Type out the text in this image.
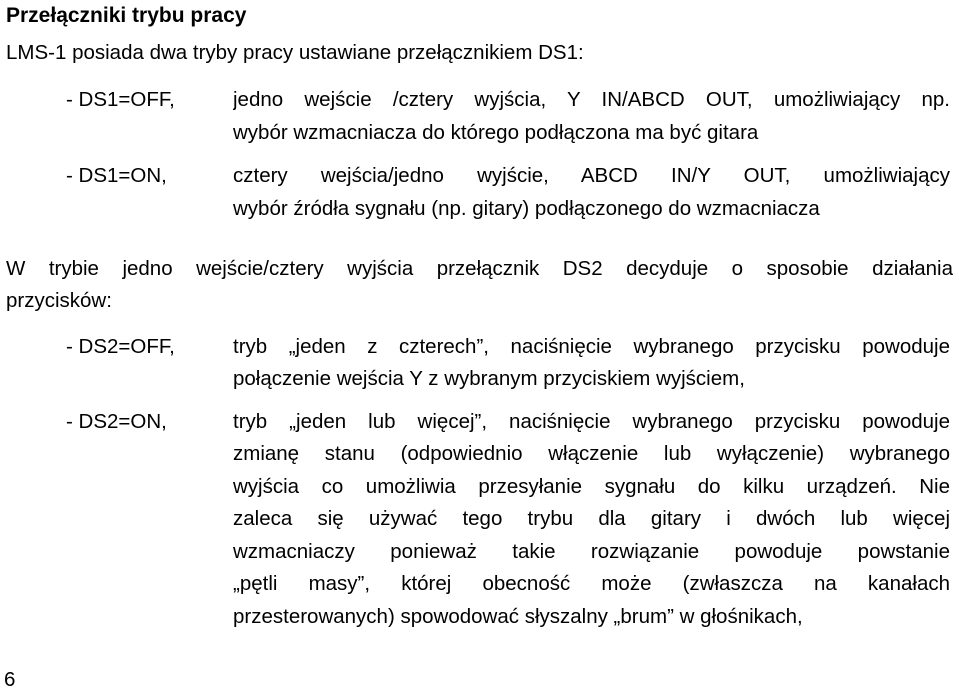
Przełączniki trybu pracy
LMS-1 posiada dwa tryby pracy ustawiane przełącznikiem DS1:
- DS1=OFF,	jedno wejście /cztery wyjścia, Y IN/ABCD OUT, umożliwiający np.
wybór wzmacniacza do którego podłączona ma być gitara
- DS1=ON,	cztery wejścia/jedno wyjście, ABCD IN/Y OUT, umożliwiający
wybór źródła sygnału (np. gitary) podłączonego do wzmacniacza
W trybie jedno wejście/cztery wyjścia przełącznik DS2 decyduje o sposobie działania
przycisków:
- DS2=OFF,	tryb „jeden z czterech”, naciśnięcie wybranego przycisku powoduje
połączenie wejścia Y z wybranym przyciskiem wyjściem,
- DS2=ON,	tryb „jeden lub więcej”, naciśnięcie wybranego przycisku powoduje
zmianę stanu (odpowiednio włączenie lub wyłączenie) wybranego
wyjścia co umożliwia przesyłanie sygnału do kilku urządzeń. Nie
zaleca się używać tego trybu dla gitary i dwóch lub więcej
wzmacniaczy ponieważ takie rozwiązanie powoduje powstanie
„pętli masy”, której obecność może (zwłaszcza na kanałach
przesterowanych) spowodować słyszalny „brum” w głośnikach,
6
